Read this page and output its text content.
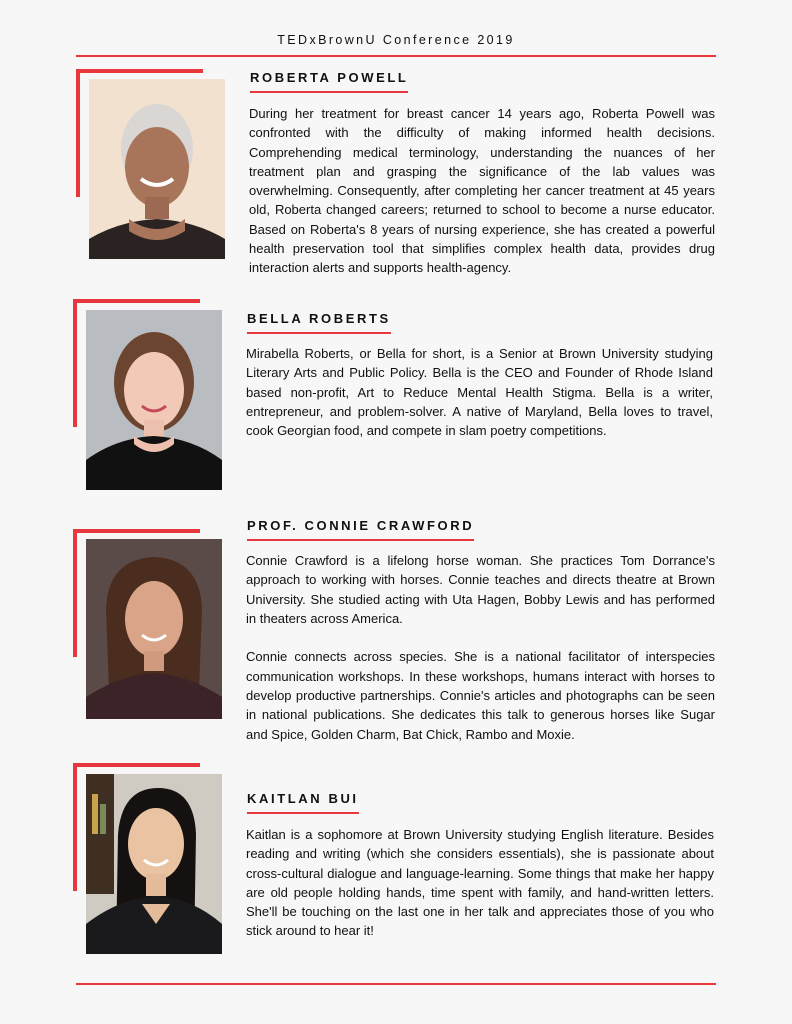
TEDxBrownU Conference 2019
ROBERTA POWELL

During her treatment for breast cancer 14 years ago, Roberta Powell was confronted with the difficulty of making informed health decisions. Comprehending medical terminology, understanding the nuances of her treatment plan and grasping the significance of the lab values was overwhelming. Consequently, after completing her cancer treatment at 45 years old, Roberta changed careers; returned to school to become a nurse educator. Based on Roberta's 8 years of nursing experience, she has created a powerful health preservation tool that simplifies complex health data, provides drug interaction alerts and supports health-agency.

BELLA ROBERTS

Mirabella Roberts, or Bella for short, is a Senior at Brown University studying Literary Arts and Public Policy. Bella is the CEO and Founder of Rhode Island based non-profit, Art to Reduce Mental Health Stigma. Bella is a writer, entrepreneur, and problem-solver. A native of Maryland, Bella loves to travel, cook Georgian food, and compete in slam poetry competitions.

PROF. CONNIE CRAWFORD

Connie Crawford is a lifelong horse woman. She practices Tom Dorrance's approach to working with horses. Connie teaches and directs theatre at Brown University. She studied acting with Uta Hagen, Bobby Lewis and has performed in theaters across America.

Connie connects across species. She is a national facilitator of interspecies communication workshops. In these workshops, humans interact with horses to develop productive partnerships. Connie's articles and photographs can be seen in national publications. She dedicates this talk to generous horses like Sugar and Spice, Golden Charm, Bat Chick, Rambo and Moxie.

KAITLAN BUI

Kaitlan is a sophomore at Brown University studying English literature. Besides reading and writing (which she considers essentials), she is passionate about cross-cultural dialogue and language-learning. Some things that make her happy are old people holding hands, time spent with family, and hand-written letters. She'll be touching on the last one in her talk and appreciates those of you who stick around to hear it!
